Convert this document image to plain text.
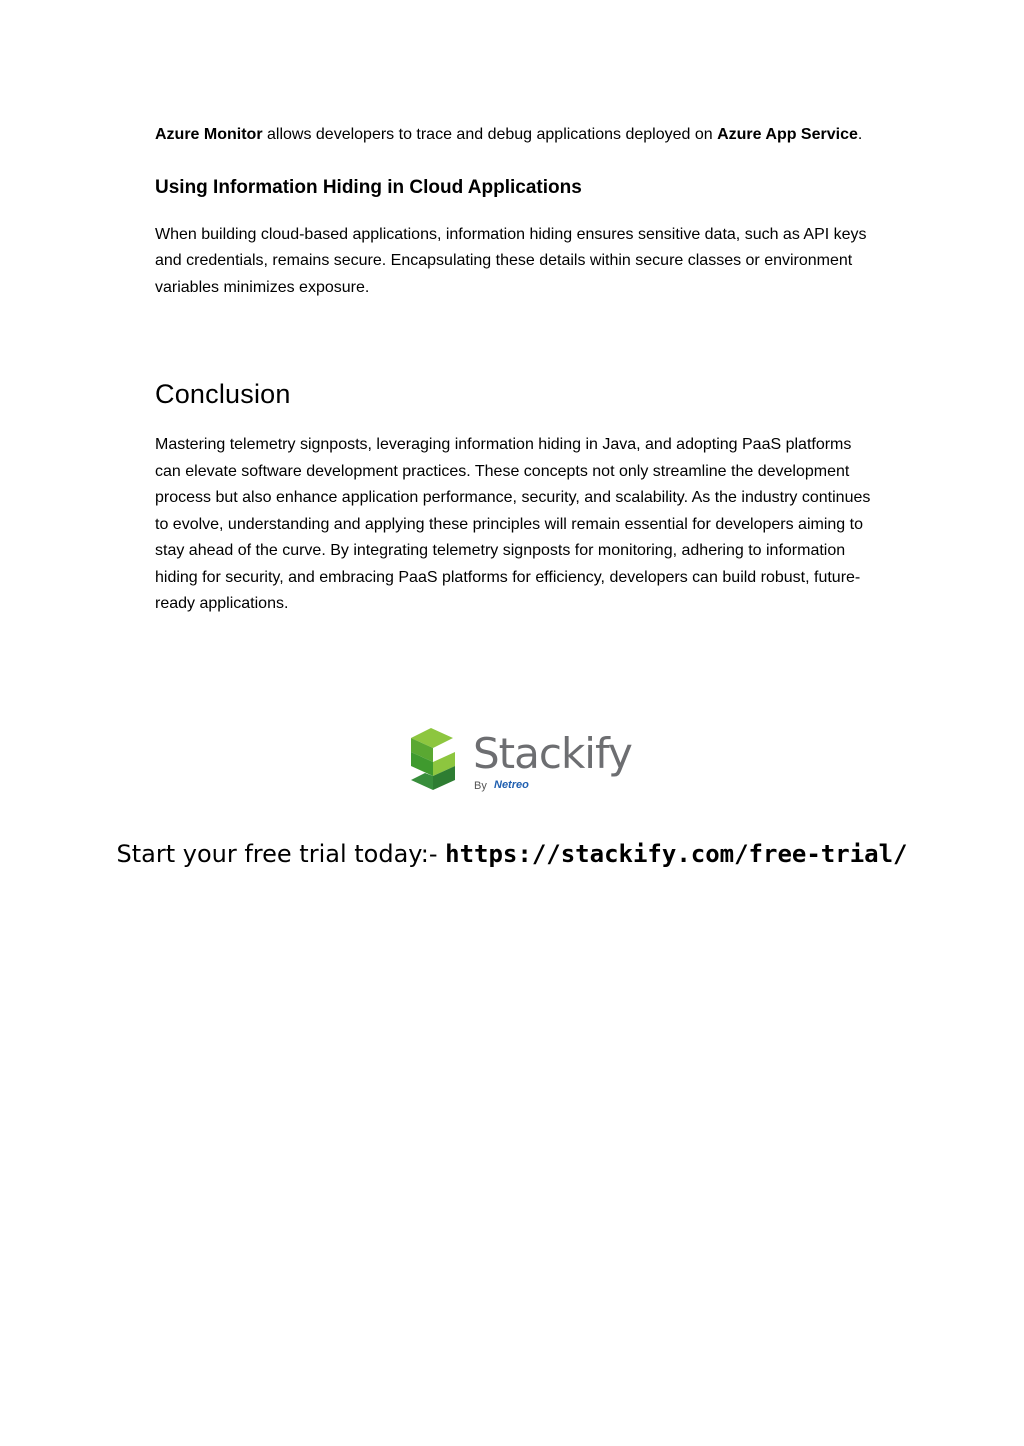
Azure Monitor allows developers to trace and debug applications deployed on Azure App Service.

Using Information Hiding in Cloud Applications

When building cloud-based applications, information hiding ensures sensitive data, such as API keys and credentials, remains secure. Encapsulating these details within secure classes or environment variables minimizes exposure.

Conclusion

Mastering telemetry signposts, leveraging information hiding in Java, and adopting PaaS platforms can elevate software development practices. These concepts not only streamline the development process but also enhance application performance, security, and scalability. As the industry continues to evolve, understanding and applying these principles will remain essential for developers aiming to stay ahead of the curve. By integrating telemetry signposts for monitoring, adhering to information hiding for security, and embracing PaaS platforms for efficiency, developers can build robust, future-ready applications.

Stackify
By Netreo
Start your free trial today:- https://stackify.com/free-trial/
